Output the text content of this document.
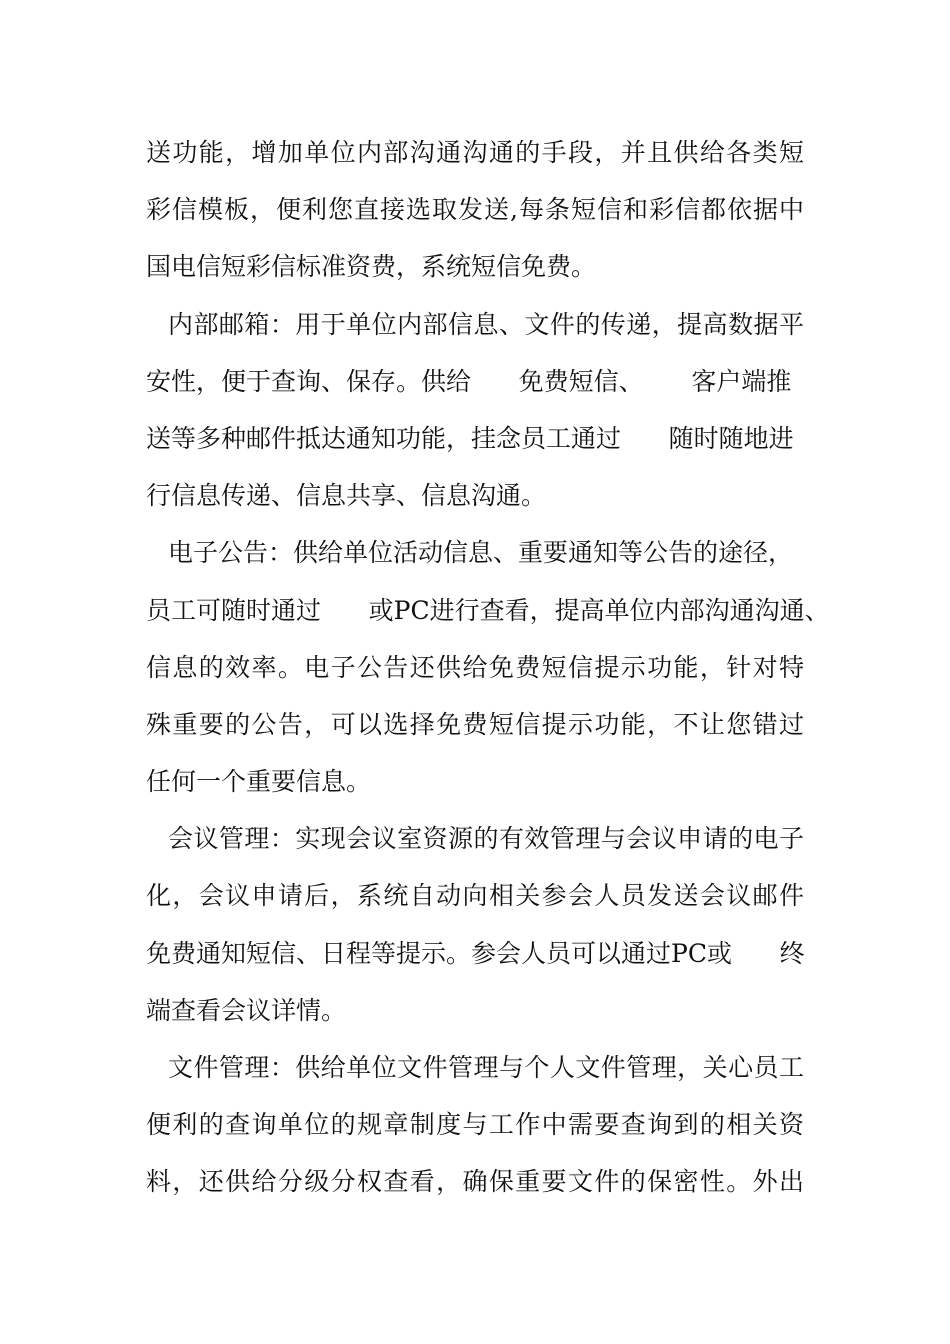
送功能，增加单位内部沟通沟通的手段，并且供给各类短
彩信模板，便利您直接选取发送,每条短信和彩信都依据中
国电信短彩信标准资费，系统短信免费。
内部邮箱：用于单位内部信息、文件的传递，提高数据平
安性，便于查询、保存。供给      免费短信、      客户端推
送等多种邮件抵达通知功能，挂念员工通过      随时随地进
行信息传递、信息共享、信息沟通。
电子公告：供给单位活动信息、重要通知等公告的途径，
员工可随时通过      或PC进行查看，提高单位内部沟通沟通、
信息的效率。电子公告还供给免费短信提示功能，针对特
殊重要的公告，可以选择免费短信提示功能，不让您错过
任何一个重要信息。
会议管理：实现会议室资源的有效管理与会议申请的电子
化，会议申请后，系统自动向相关参会人员发送会议邮件
免费通知短信、日程等提示。参会人员可以通过PC或      终
端查看会议详情。
文件管理：供给单位文件管理与个人文件管理，关心员工
便利的查询单位的规章制度与工作中需要查询到的相关资
料，还供给分级分权查看，确保重要文件的保密性。外出
